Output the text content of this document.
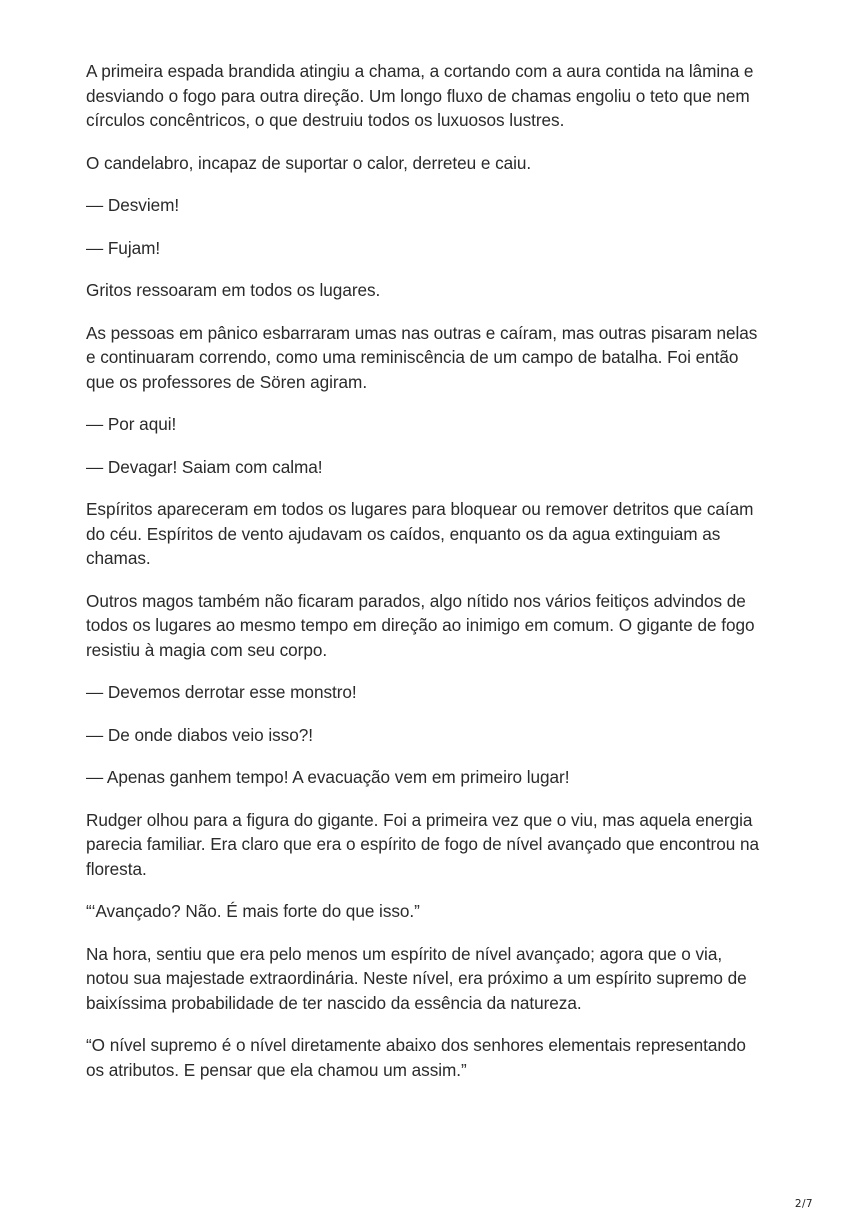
A primeira espada brandida atingiu a chama, a cortando com a aura contida na lâmina e
desviando o fogo para outra direção. Um longo fluxo de chamas engoliu o teto que nem
círculos concêntricos, o que destruiu todos os luxuosos lustres.

O candelabro, incapaz de suportar o calor, derreteu e caiu.

— Desviem!

— Fujam!

Gritos ressoaram em todos os lugares.

As pessoas em pânico esbarraram umas nas outras e caíram, mas outras pisaram nelas
e continuaram correndo, como uma reminiscência de um campo de batalha. Foi então
que os professores de Sören agiram.

— Por aqui!

— Devagar! Saiam com calma!

Espíritos apareceram em todos os lugares para bloquear ou remover detritos que caíam
do céu. Espíritos de vento ajudavam os caídos, enquanto os da agua extinguiam as
chamas.

Outros magos também não ficaram parados, algo nítido nos vários feitiços advindos de
todos os lugares ao mesmo tempo em direção ao inimigo em comum. O gigante de fogo
resistiu à magia com seu corpo.

— Devemos derrotar esse monstro!

— De onde diabos veio isso?!

— Apenas ganhem tempo! A evacuação vem em primeiro lugar!

Rudger olhou para a figura do gigante. Foi a primeira vez que o viu, mas aquela energia
parecia familiar. Era claro que era o espírito de fogo de nível avançado que encontrou na
floresta.

“‘Avançado? Não. É mais forte do que isso.”

Na hora, sentiu que era pelo menos um espírito de nível avançado; agora que o via,
notou sua majestade extraordinária. Neste nível, era próximo a um espírito supremo de
baixíssima probabilidade de ter nascido da essência da natureza.

“O nível supremo é o nível diretamente abaixo dos senhores elementais representando
os atributos. E pensar que ela chamou um assim.”

2/7
